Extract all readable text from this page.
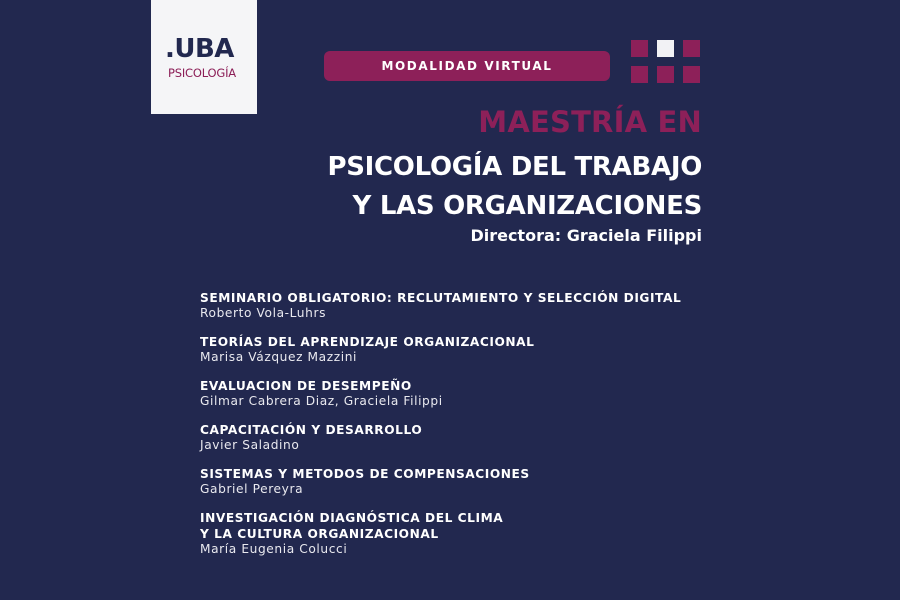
.UBA
PSICOLOGÍA	MODALIDAD VIRTUAL
MAESTRÍA EN
PSICOLOGÍA DEL TRABAJO
Y LAS ORGANIZACIONES
Directora: Graciela Filippi
SEMINARIO OBLIGATORIO: RECLUTAMIENTO Y SELECCIÓN DIGITAL
Roberto Vola-Luhrs
TEORÍAS DEL APRENDIZAJE ORGANIZACIONAL
Marisa Vázquez Mazzini
EVALUACION DE DESEMPEÑO
Gilmar Cabrera Diaz, Graciela Filippi
CAPACITACIÓN Y DESARROLLO
Javier Saladino
SISTEMAS Y METODOS DE COMPENSACIONES
Gabriel Pereyra
INVESTIGACIÓN DIAGNÓSTICA DEL CLIMA
Y LA CULTURA ORGANIZACIONAL
María Eugenia Colucci
